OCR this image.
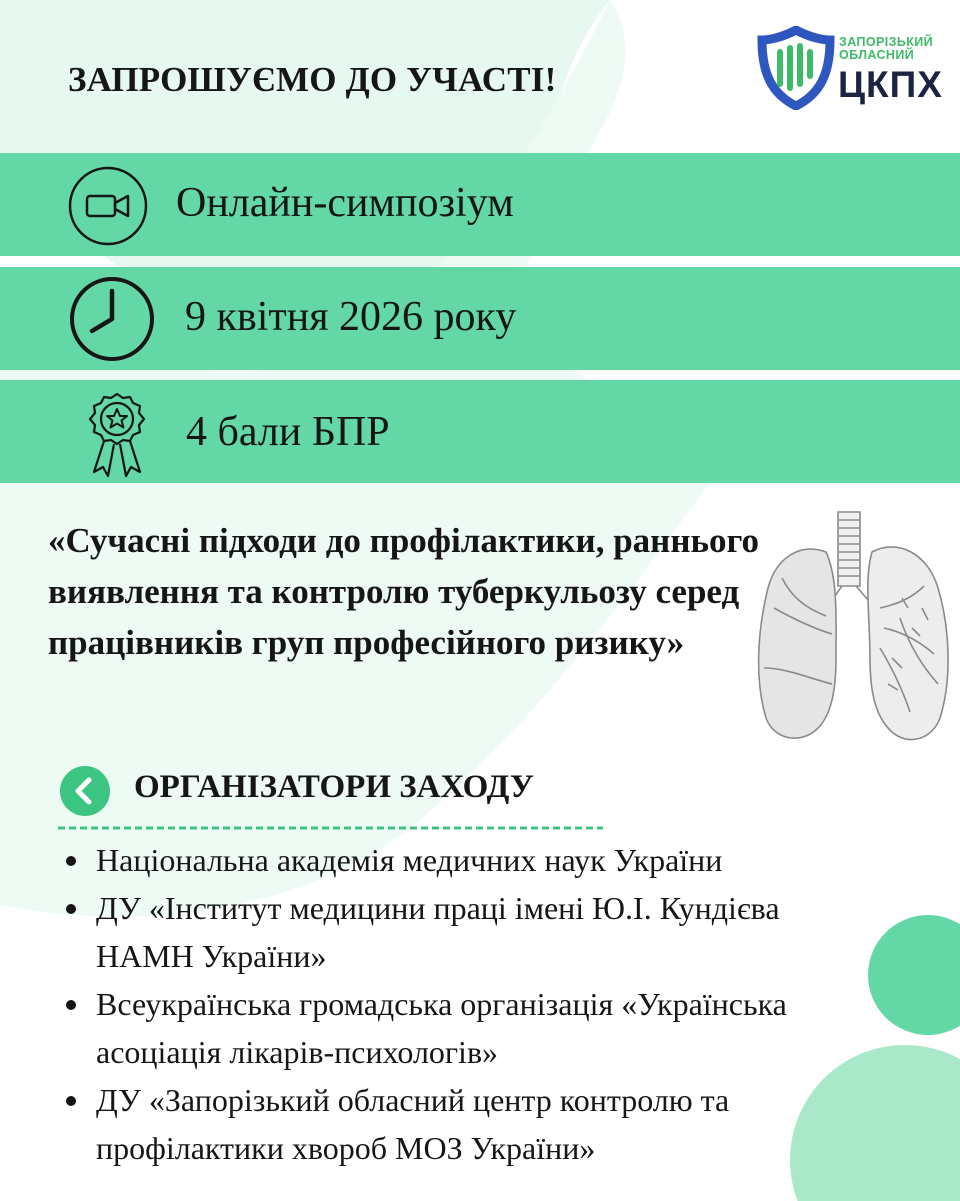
ЗАПРОШУЄМО ДО УЧАСТІ!
ЗАПОРІЗЬКИЙ
ОБЛАСНИЙ
ЦКПХ
Онлайн-симпозіум
9 квітня 2026 року
4 бали БПР
«Сучасні підходи до профілактики, раннього виявлення та контролю туберкульозу серед працівників груп професійного ризику»
ОРГАНІЗАТОРИ ЗАХОДУ
Національна академія медичних наук України
ДУ «Інститут медицини праці імені Ю.І. Кундієва НАМН України»
Всеукраїнська громадська організація «Українська асоціація лікарів-психологів»
ДУ «Запорізький обласний центр контролю та профілактики хвороб МОЗ України»
